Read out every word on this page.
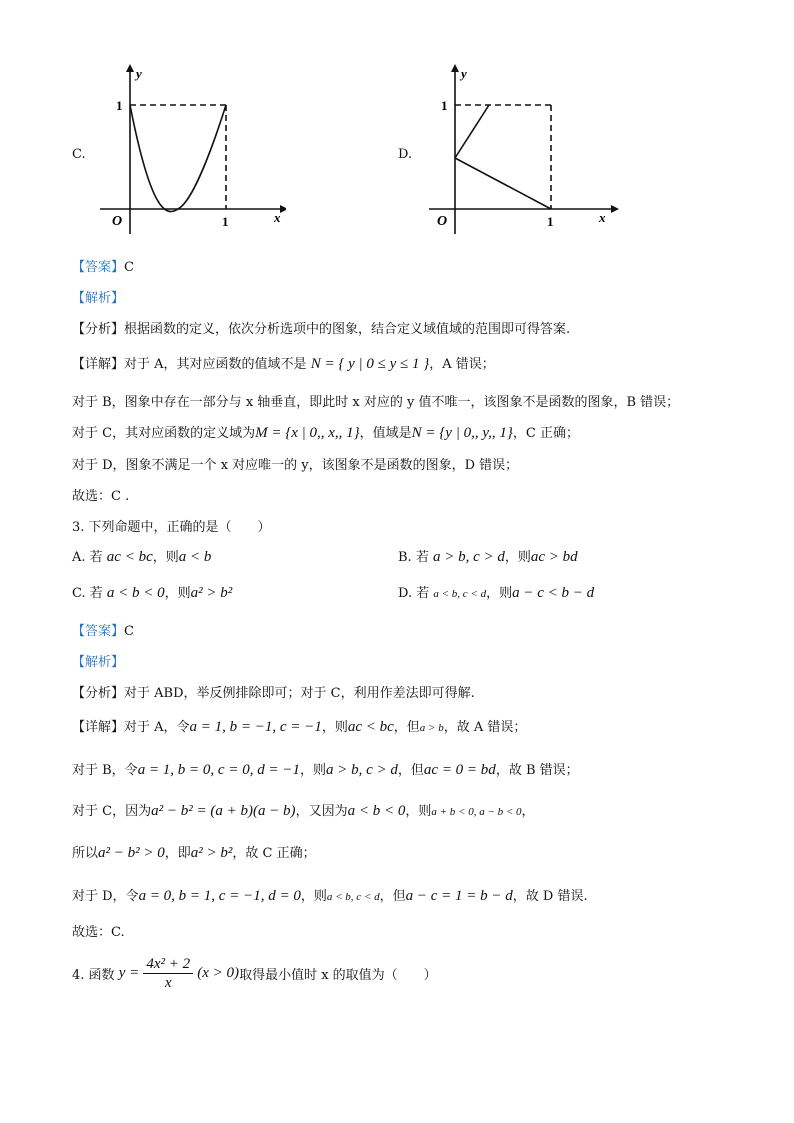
C.
y
1
O	1	x
D.
y
1
O	1	x
【答案】C
【解析】
【分析】根据函数的定义，依次分析选项中的图象，结合定义域值域的范围即可得答案.
【详解】对于 A，其对应函数的值域不是 N = { y | 0 ≤ y ≤ 1 }，A 错误；
对于 B，图象中存在一部分与 x 轴垂直，即此时 x 对应的 y 值不唯一，该图象不是函数的图象，B 错误；
对于 C，其对应函数的定义域为M = {x | 0,, x,, 1}，值域是N = {y | 0,, y,, 1}，C 正确；
对于 D，图象不满足一个 x 对应唯一的 y，该图象不是函数的图象，D 错误；
故选：C .
3. 下列命题中，正确的是（　　）
A. 若 ac < bc，则a < b	B. 若 a > b, c > d，则ac > bd
C. 若 a < b < 0，则a² > b²	D. 若 a < b, c < d，则a − c < b − d
【答案】C
【解析】
【分析】对于 ABD，举反例排除即可；对于 C，利用作差法即可得解.
【详解】对于 A，令a = 1, b = −1, c = −1，则ac < bc，但a > b，故 A 错误；
对于 B，令a = 1, b = 0, c = 0, d = −1，则a > b, c > d，但ac = 0 = bd，故 B 错误；
对于 C，因为a² − b² = (a + b)(a − b)，又因为a < b < 0，则a + b < 0, a − b < 0，
所以a² − b² > 0，即a² > b²，故 C 正确；
对于 D，令a = 0, b = 1, c = −1, d = 0，则a < b, c < d，但a − c = 1 = b − d，故 D 错误.
故选：C.
4. 函数 $y = \frac{\text{4x² + 2}}{x} (x > 0)$取得最小值时 x 的取值为（　　）
